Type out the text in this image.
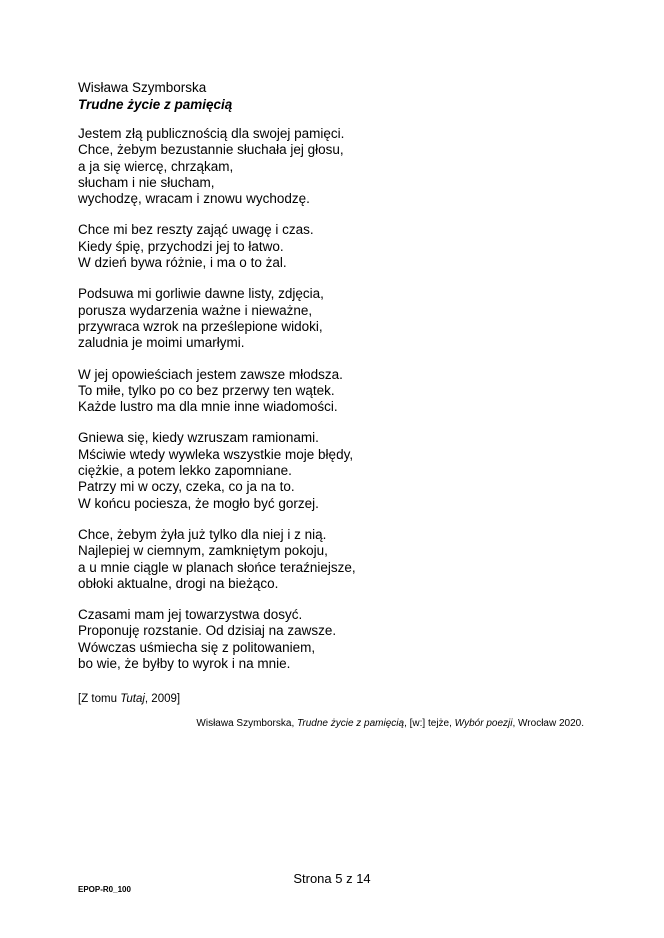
Wisława Szymborska
Trudne życie z pamięcią
Jestem złą publicznością dla swojej pamięci.
Chce, żebym bezustannie słuchała jej głosu,
a ja się wiercę, chrząkam,
słucham i nie słucham,
wychodzę, wracam i znowu wychodzę.
Chce mi bez reszty zająć uwagę i czas.
Kiedy śpię, przychodzi jej to łatwo.
W dzień bywa różnie, i ma o to żal.
Podsuwa mi gorliwie dawne listy, zdjęcia,
porusza wydarzenia ważne i nieważne,
przywraca wzrok na prześlepione widoki,
zaludnia je moimi umarłymi.
W jej opowieściach jestem zawsze młodsza.
To miłe, tylko po co bez przerwy ten wątek.
Każde lustro ma dla mnie inne wiadomości.
Gniewa się, kiedy wzruszam ramionami.
Mściwie wtedy wywleka wszystkie moje błędy,
ciężkie, a potem lekko zapomniane.
Patrzy mi w oczy, czeka, co ja na to.
W końcu pociesza, że mogło być gorzej.
Chce, żebym żyła już tylko dla niej i z nią.
Najlepiej w ciemnym, zamkniętym pokoju,
a u mnie ciągle w planach słońce teraźniejsze,
obłoki aktualne, drogi na bieżąco.
Czasami mam jej towarzystwa dosyć.
Proponuję rozstanie. Od dzisiaj na zawsze.
Wówczas uśmiecha się z politowaniem,
bo wie, że byłby to wyrok i na mnie.
[Z tomu Tutaj, 2009]
Wisława Szymborska, Trudne życie z pamięcią, [w:] tejże, Wybór poezji, Wrocław 2020.
Strona 5 z 14
EPOP-R0_100
